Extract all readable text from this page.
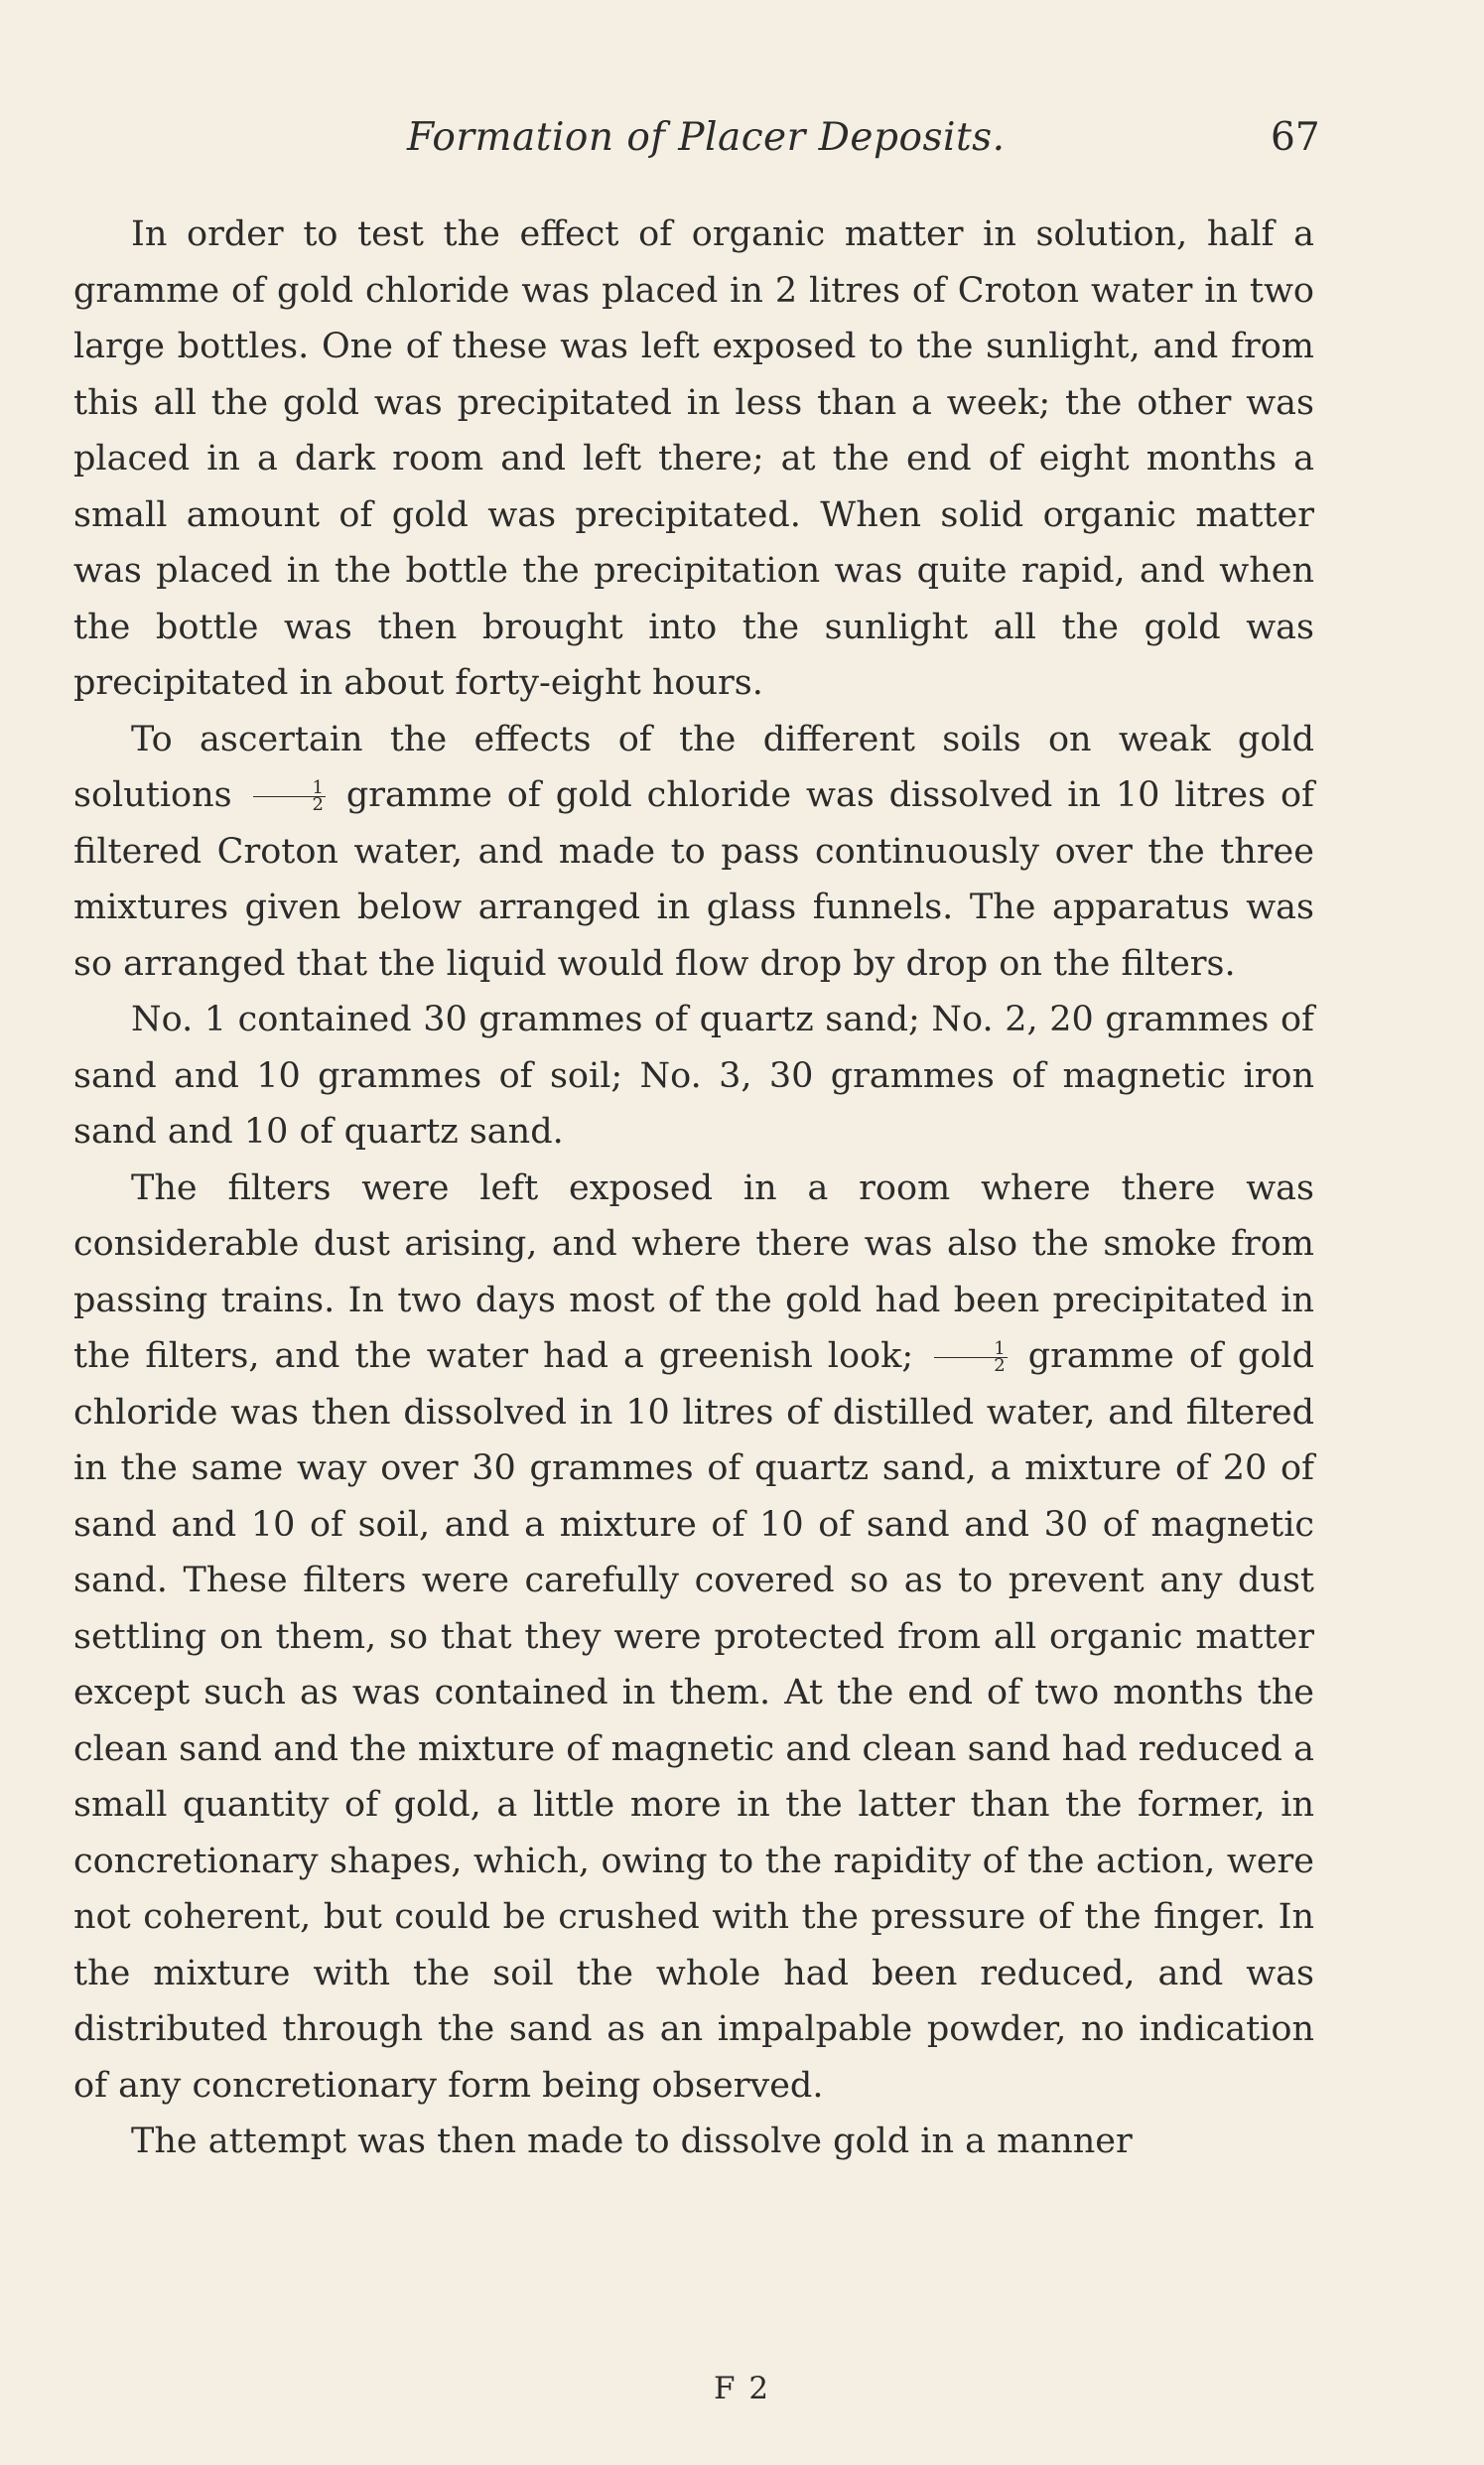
Formation of Placer Deposits.	67

In order to test the effect of organic matter in solution, half a gramme of gold chloride was placed in 2 litres of Croton water in two large bottles. One of these was left exposed to the sunlight, and from this all the gold was precipitated in less than a week; the other was placed in a dark room and left there; at the end of eight months a small amount of gold was precipitated. When solid organic matter was placed in the bottle the precipitation was quite rapid, and when the bottle was then brought into the sunlight all the gold was precipitated in about forty-eight hours.

To ascertain the effects of the different soils on weak gold solutions $\frac{1}{2}$ gramme of gold chloride was dissolved in 10 litres of filtered Croton water, and made to pass continuously over the three mixtures given below arranged in glass funnels. The apparatus was so arranged that the liquid would flow drop by drop on the filters.

No. 1 contained 30 grammes of quartz sand; No. 2, 20 grammes of sand and 10 grammes of soil; No. 3, 30 grammes of magnetic iron sand and 10 of quartz sand.

The filters were left exposed in a room where there was considerable dust arising, and where there was also the smoke from passing trains. In two days most of the gold had been precipitated in the filters, and the water had a greenish look; $\frac{1}{2}$ gramme of gold chloride was then dissolved in 10 litres of distilled water, and filtered in the same way over 30 grammes of quartz sand, a mixture of 20 of sand and 10 of soil, and a mixture of 10 of sand and 30 of magnetic sand. These filters were carefully covered so as to prevent any dust settling on them, so that they were protected from all organic matter except such as was contained in them. At the end of two months the clean sand and the mixture of magnetic and clean sand had reduced a small quantity of gold, a little more in the latter than the former, in concretionary shapes, which, owing to the rapidity of the action, were not coherent, but could be crushed with the pressure of the finger. In the mixture with the soil the whole had been reduced, and was distributed through the sand as an impalpable powder, no indication of any concretionary form being observed.

The attempt was then made to dissolve gold in a manner

F 2
